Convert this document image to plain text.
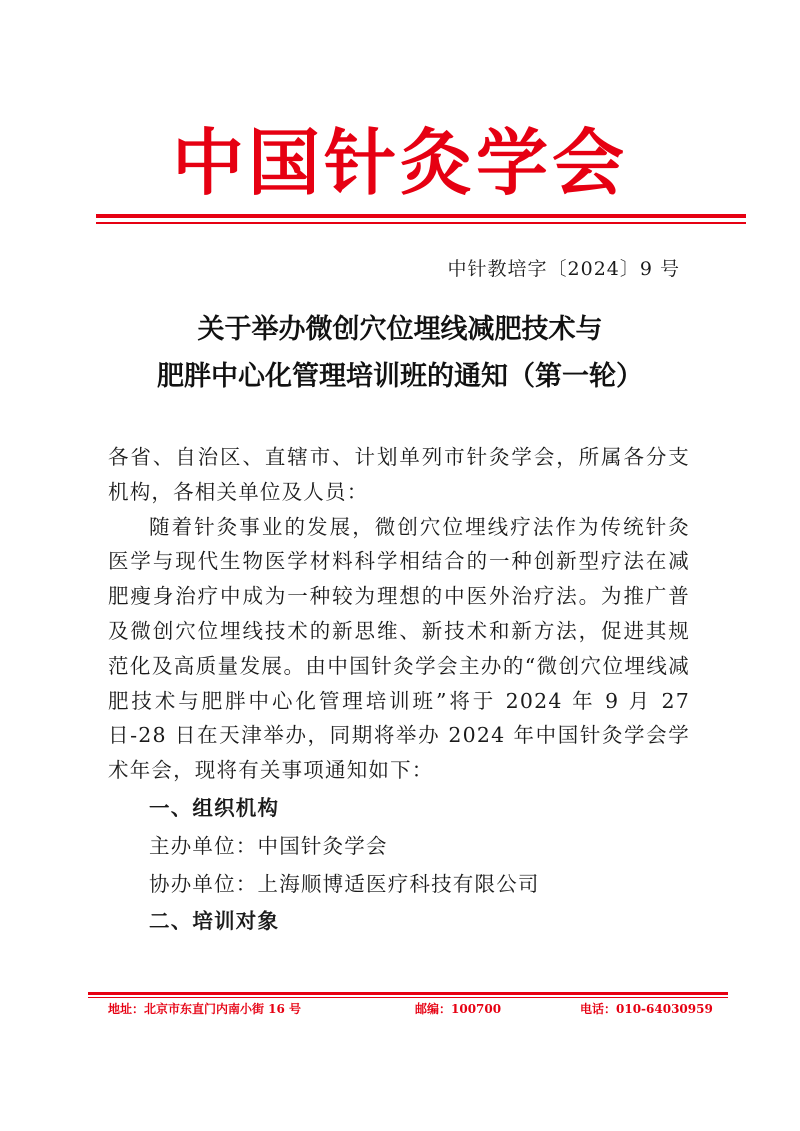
中国针灸学会
中针教培字〔2024〕9 号
关于举办微创穴位埋线减肥技术与
肥胖中心化管理培训班的通知（第一轮）

各省、自治区、直辖市、计划单列市针灸学会，所属各分支机构，各相关单位及人员：

随着针灸事业的发展，微创穴位埋线疗法作为传统针灸医学与现代生物医学材料科学相结合的一种创新型疗法在减肥瘦身治疗中成为一种较为理想的中医外治疗法。为推广普及微创穴位埋线技术的新思维、新技术和新方法，促进其规范化及高质量发展。由中国针灸学会主办的“微创穴位埋线减肥技术与肥胖中心化管理培训班”将于 2024 年 9 月 27 日-28 日在天津举办，同期将举办 2024 年中国针灸学会学术年会，现将有关事项通知如下：

一、组织机构

主办单位：中国针灸学会

协办单位：上海顺博适医疗科技有限公司

二、培训对象

地址：北京市东直门内南小街 16 号	邮编：100700	电话：010-64030959
